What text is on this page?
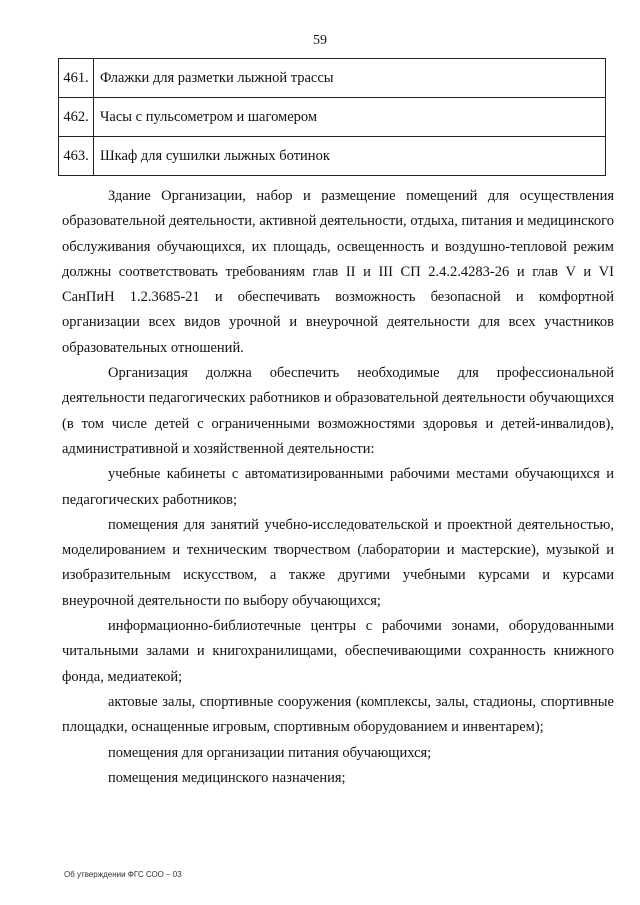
59
461.	Флажки для разметки лыжной трассы
462.	Часы с пульсометром и шагомером
463.	Шкаф для сушилки лыжных ботинок

Здание Организации, набор и размещение помещений для осуществления образовательной деятельности, активной деятельности, отдыха, питания и медицинского обслуживания обучающихся, их площадь, освещенность и воздушно-тепловой режим должны соответствовать требованиям глав II и III СП 2.4.2.4283-26 и глав V и VI СанПиН 1.2.3685-21 и обеспечивать возможность безопасной и комфортной организации всех видов урочной и внеурочной деятельности для всех участников образовательных отношений.

Организация должна обеспечить необходимые для профессиональной деятельности педагогических работников и образовательной деятельности обучающихся (в том числе детей с ограниченными возможностями здоровья и детей-инвалидов), административной и хозяйственной деятельности:

учебные кабинеты с автоматизированными рабочими местами обучающихся и педагогических работников;

помещения для занятий учебно-исследовательской и проектной деятельностью, моделированием и техническим творчеством (лаборатории и мастерские), музыкой и изобразительным искусством, а также другими учебными курсами и курсами внеурочной деятельности по выбору обучающихся;

информационно-библиотечные центры с рабочими зонами, оборудованными читальными залами и книгохранилищами, обеспечивающими сохранность книжного фонда, медиатекой;

актовые залы, спортивные сооружения (комплексы, залы, стадионы, спортивные площадки, оснащенные игровым, спортивным оборудованием и инвентарем);

помещения для организации питания обучающихся;

помещения медицинского назначения;

Об утверждении ФГС СОО – 03
